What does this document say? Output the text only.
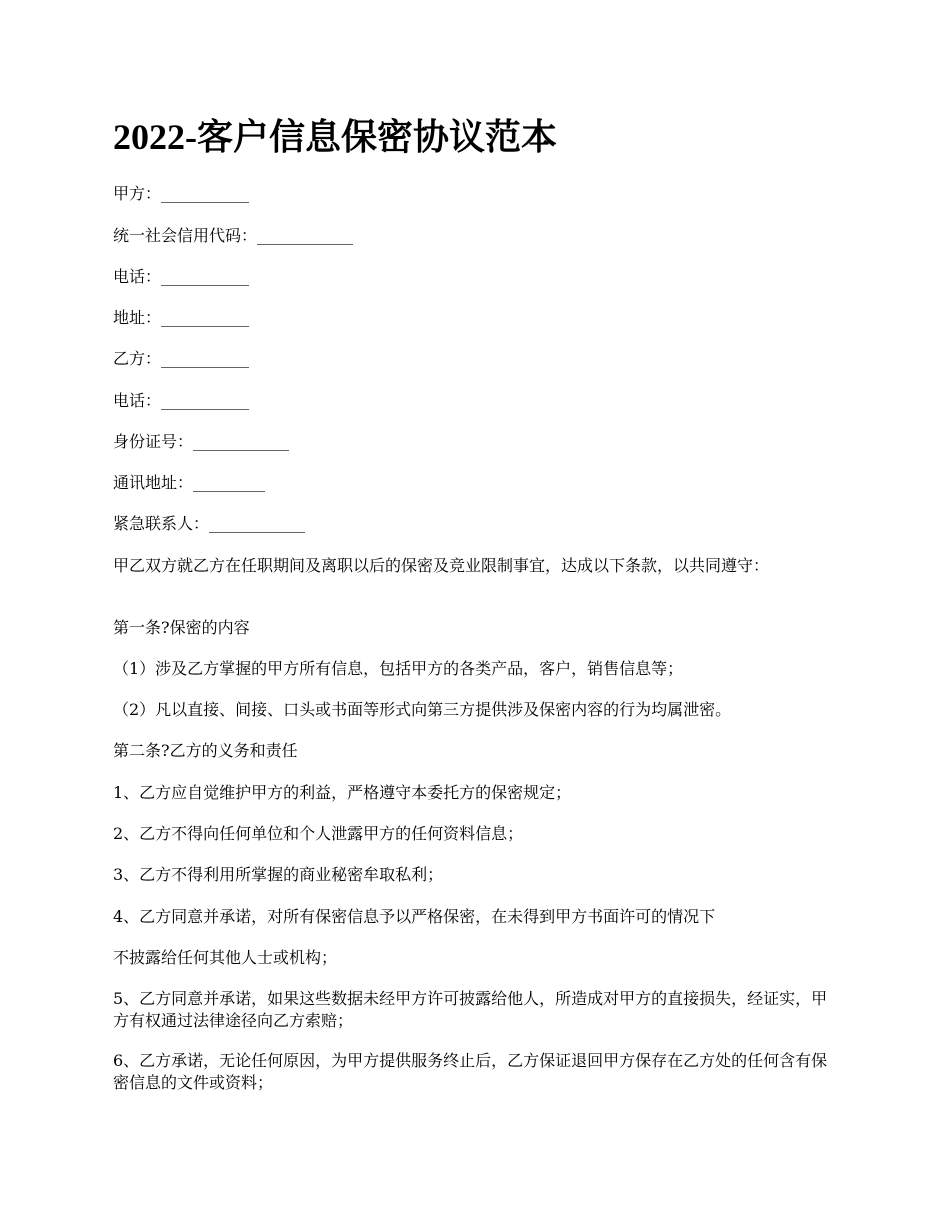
2022-客户信息保密协议范本

甲方：___________

统一社会信用代码：____________

电话：___________

地址：___________

乙方：___________

电话：___________

身份证号：____________

通讯地址：_________

紧急联系人：____________

甲乙双方就乙方在任职期间及离职以后的保密及竞业限制事宜，达成以下条款，以共同遵守：

第一条?保密的内容

（1）涉及乙方掌握的甲方所有信息，包括甲方的各类产品，客户，销售信息等；

（2）凡以直接、间接、口头或书面等形式向第三方提供涉及保密内容的行为均属泄密。

第二条?乙方的义务和责任

1、乙方应自觉维护甲方的利益，严格遵守本委托方的保密规定；

2、乙方不得向任何单位和个人泄露甲方的任何资料信息；

3、乙方不得利用所掌握的商业秘密牟取私利；

4、乙方同意并承诺，对所有保密信息予以严格保密，在未得到甲方书面许可的情况下

不披露给任何其他人士或机构；

5、乙方同意并承诺，如果这些数据未经甲方许可披露给他人，所造成对甲方的直接损失，经证实，甲方有权通过法律途径向乙方索赔；

6、乙方承诺，无论任何原因，为甲方提供服务终止后，乙方保证退回甲方保存在乙方处的任何含有保密信息的文件或资料；
